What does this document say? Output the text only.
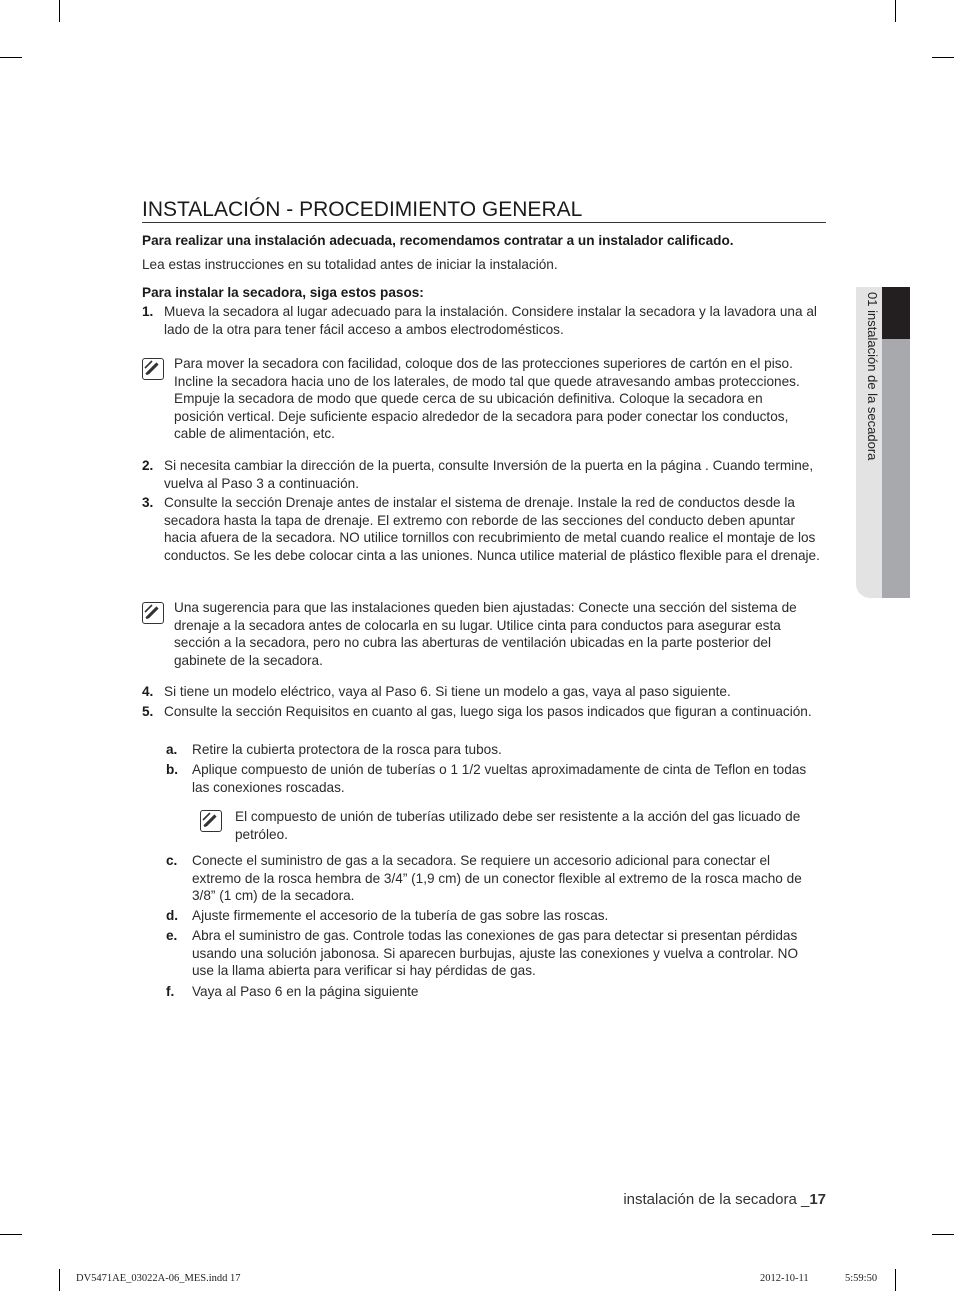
01 instalación de la secadora
INSTALACIÓN - PROCEDIMIENTO GENERAL
Para realizar una instalación adecuada, recomendamos contratar a un instalador calificado.
Lea estas instrucciones en su totalidad antes de iniciar la instalación.
Para instalar la secadora, siga estos pasos:
1. Mueva la secadora al lugar adecuado para la instalación. Considere instalar la secadora y la lavadora una al lado de la otra para tener fácil acceso a ambos electrodomésticos.
Para mover la secadora con facilidad, coloque dos de las protecciones superiores de cartón en el piso. Incline la secadora hacia uno de los laterales, de modo tal que quede atravesando ambas protecciones. Empuje la secadora de modo que quede cerca de su ubicación definitiva. Coloque la secadora en posición vertical. Deje suficiente espacio alrededor de la secadora para poder conectar los conductos, cable de alimentación, etc.
2. Si necesita cambiar la dirección de la puerta, consulte Inversión de la puerta en la página . Cuando termine, vuelva al Paso 3 a continuación.
3. Consulte la sección Drenaje antes de instalar el sistema de drenaje. Instale la red de conductos desde la secadora hasta la tapa de drenaje. El extremo con reborde de las secciones del conducto deben apuntar hacia afuera de la secadora. NO utilice tornillos con recubrimiento de metal cuando realice el montaje de los conductos. Se les debe colocar cinta a las uniones. Nunca utilice material de plástico flexible para el drenaje.
Una sugerencia para que las instalaciones queden bien ajustadas: Conecte una sección del sistema de drenaje a la secadora antes de colocarla en su lugar. Utilice cinta para conductos para asegurar esta sección a la secadora, pero no cubra las aberturas de ventilación ubicadas en la parte posterior del gabinete de la secadora.
4. Si tiene un modelo eléctrico, vaya al Paso 6. Si tiene un modelo a gas, vaya al paso siguiente.
5. Consulte la sección Requisitos en cuanto al gas, luego siga los pasos indicados que figuran a continuación.
a. Retire la cubierta protectora de la rosca para tubos.
b. Aplique compuesto de unión de tuberías o 1 1/2 vueltas aproximadamente de cinta de Teflon en todas las conexiones roscadas.
El compuesto de unión de tuberías utilizado debe ser resistente a la acción del gas licuado de petróleo.
c. Conecte el suministro de gas a la secadora. Se requiere un accesorio adicional para conectar el extremo de la rosca hembra de 3/4” (1,9 cm) de un conector flexible al extremo de la rosca macho de 3/8” (1 cm) de la secadora.
d. Ajuste firmemente el accesorio de la tubería de gas sobre las roscas.
e. Abra el suministro de gas. Controle todas las conexiones de gas para detectar si presentan pérdidas usando una solución jabonosa. Si aparecen burbujas, ajuste las conexiones y vuelva a controlar. NO use la llama abierta para verificar si hay pérdidas de gas.
f. Vaya al Paso 6 en la página siguiente
instalación de la secadora _17
DV5471AE_03022A-06_MES.indd 17	2012-10-11	5:59:50
